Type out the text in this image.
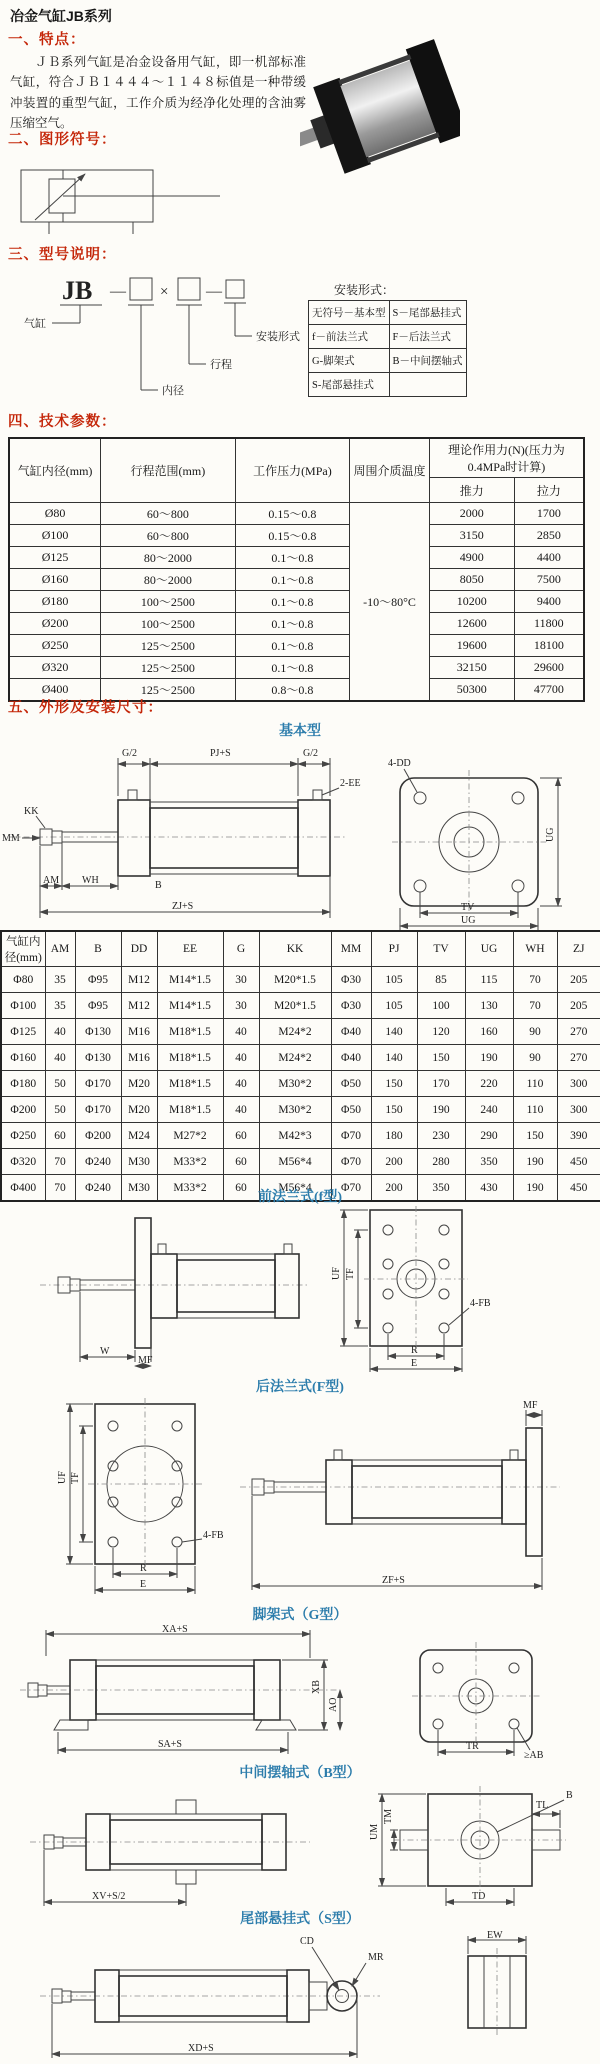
冶金气缸JB系列
一、特点：
ＪＢ系列气缸是冶金设备用气缸，即一机部标准气缸，符合ＪＢ１４４４～１１４８标值是一种带缓冲装置的重型气缸，工作介质为经净化处理的含油雾压缩空气。
二、图形符号：
三、型号说明：
JB — × —
气缸
内径
行程
安装形式
安装形式：
无符号－基本型	S－尾部悬挂式
f－前法兰式	F－后法兰式
G-脚架式	B－中间摆轴式
S-尾部悬挂式	
四、技术参数：
气缸内径(mm)	行程范围(mm)	工作压力(MPa)	周围介质温度	理论作用力(N)(压力为0.4MPa时计算)	
				推力	拉力
Ø80	60～800	0.15～0.8	-10～80°C	2000	1700
Ø100	60～800	0.15～0.8		3150	2850
Ø125	80～2000	0.1～0.8		4900	4400
Ø160	80～2000	0.1～0.8		8050	7500
Ø180	100～2500	0.1～0.8		10200	9400
Ø200	100～2500	0.1～0.8		12600	11800
Ø250	125～2500	0.1～0.8		19600	18100
Ø320	125～2500	0.1～0.8		32150	29600
Ø400	125～2500	0.8～0.8		50300	47700
五、外形及安装尺寸：
基本型
G/2	PJ+S	G/2
2-EE
KK
MM
AM WH	B
ZJ+S
4-DD
UG
TV
UG
气缸内径(mm)	AM	B	DD	EE	G	KK	MM	PJ	TV	UG	WH	ZJ
Φ80	35	Φ95	M12	M14*1.5	30	M20*1.5	Φ30	105	85	115	70	205
Φ100	35	Φ95	M12	M14*1.5	30	M20*1.5	Φ30	105	100	130	70	205
Φ125	40	Φ130	M16	M18*1.5	40	M24*2	Φ40	140	120	160	90	270
Φ160	40	Φ130	M16	M18*1.5	40	M24*2	Φ40	140	150	190	90	270
Φ180	50	Φ170	M20	M18*1.5	40	M30*2	Φ50	150	170	220	110	300
Φ200	50	Φ170	M20	M18*1.5	40	M30*2	Φ50	150	190	240	110	300
Φ250	60	Φ200	M24	M27*2	60	M42*3	Φ70	180	230	290	150	390
Φ320	70	Φ240	M30	M33*2	60	M56*4	Φ70	200	280	350	190	450
Φ400	70	Φ240	M30	M33*2	60	M56*4	Φ70	200	350	430	190	450
前法兰式(f型)
W
MF
UF TF
4-FB
R
E
后法兰式(F型)
UF TF
4-FB
R
E
MF
ZF+S
脚架式（G型）
XA+S
SA+S
XB
AO
TR
≥AB
中间摆轴式（B型）
XV+S/2
TL
UM
TM
B
TD
尾部悬挂式（S型）
CD
MR
XD+S
EW
